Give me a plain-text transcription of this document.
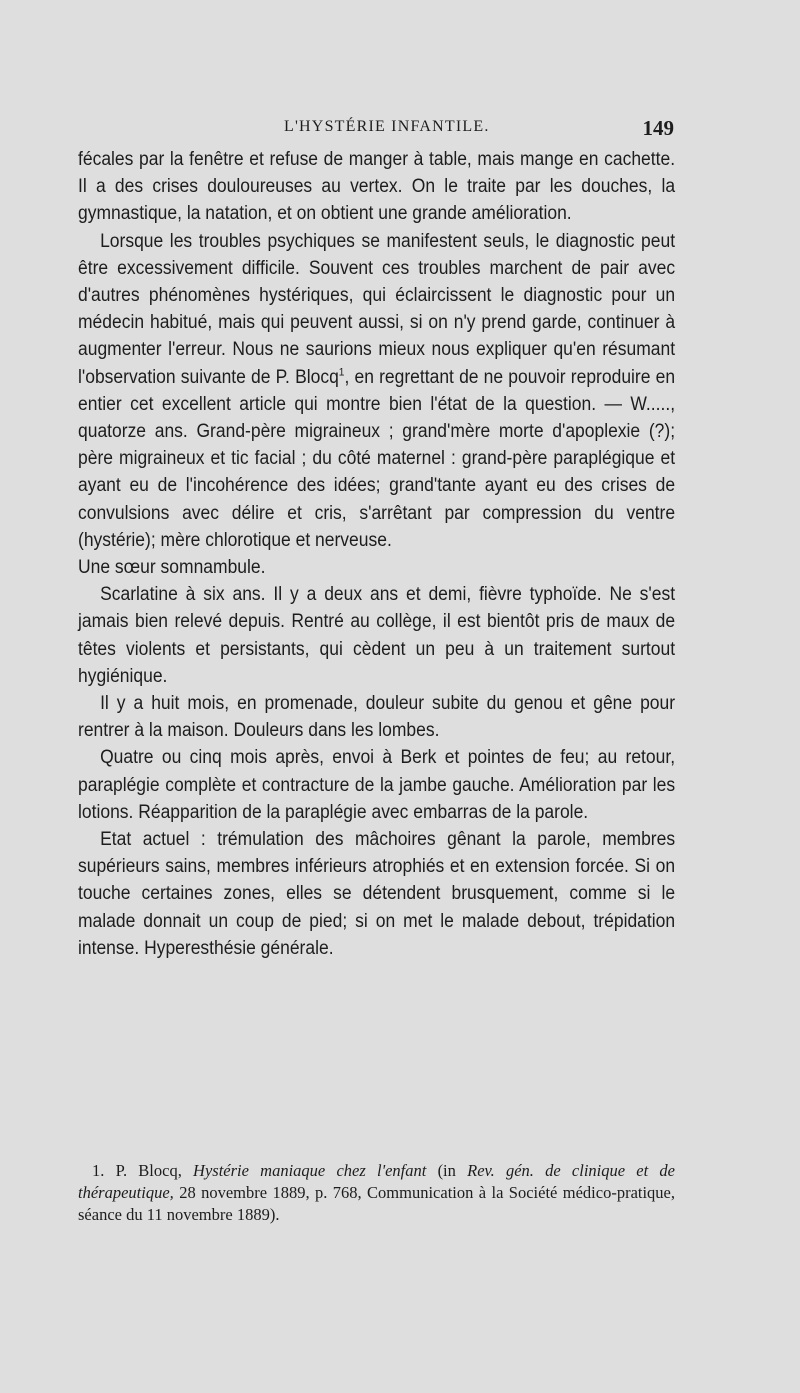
L'HYSTÉRIE INFANTILE.	149

fécales par la fenêtre et refuse de manger à table, mais mange en cachette. Il a des crises douloureuses au vertex. On le traite par les douches, la gymnastique, la natation, et on obtient une grande amélioration.

Lorsque les troubles psychiques se manifestent seuls, le diagnostic peut être excessivement difficile. Souvent ces troubles marchent de pair avec d'autres phénomènes hystériques, qui éclaircissent le diagnostic pour un médecin habitué, mais qui peuvent aussi, si on n'y prend garde, continuer à augmenter l'erreur. Nous ne saurions mieux nous expliquer qu'en résumant l'observation suivante de P. Blocq$^1$, en regrettant de ne pouvoir reproduire en entier cet excellent article qui montre bien l'état de la question. — W....., quatorze ans. Grand-père migraineux ; grand'mère morte d'apoplexie (?); père migraineux et tic facial ; du côté maternel : grand-père paraplégique et ayant eu de l'incohérence des idées; grand'tante ayant eu des crises de convulsions avec délire et cris, s'arrêtant par compression du ventre (hystérie); mère chlorotique et nerveuse.

Une sœur somnambule.

Scarlatine à six ans. Il y a deux ans et demi, fièvre typhoïde. Ne s'est jamais bien relevé depuis. Rentré au collège, il est bientôt pris de maux de têtes violents et persistants, qui cèdent un peu à un traitement surtout hygiénique.

Il y a huit mois, en promenade, douleur subite du genou et gêne pour rentrer à la maison. Douleurs dans les lombes.

Quatre ou cinq mois après, envoi à Berk et pointes de feu; au retour, paraplégie complète et contracture de la jambe gauche. Amélioration par les lotions. Réapparition de la paraplégie avec embarras de la parole.

Etat actuel : trémulation des mâchoires gênant la parole, membres supérieurs sains, membres inférieurs atrophiés et en extension forcée. Si on touche certaines zones, elles se détendent brusquement, comme si le malade donnait un coup de pied; si on met le malade debout, trépidation intense. Hyperesthésie générale.

1. P. Blocq, Hystérie maniaque chez l'enfant (in Rev. gén. de clinique et de thérapeutique, 28 novembre 1889, p. 768, Communication à la Société médico-pratique, séance du 11 novembre 1889).
